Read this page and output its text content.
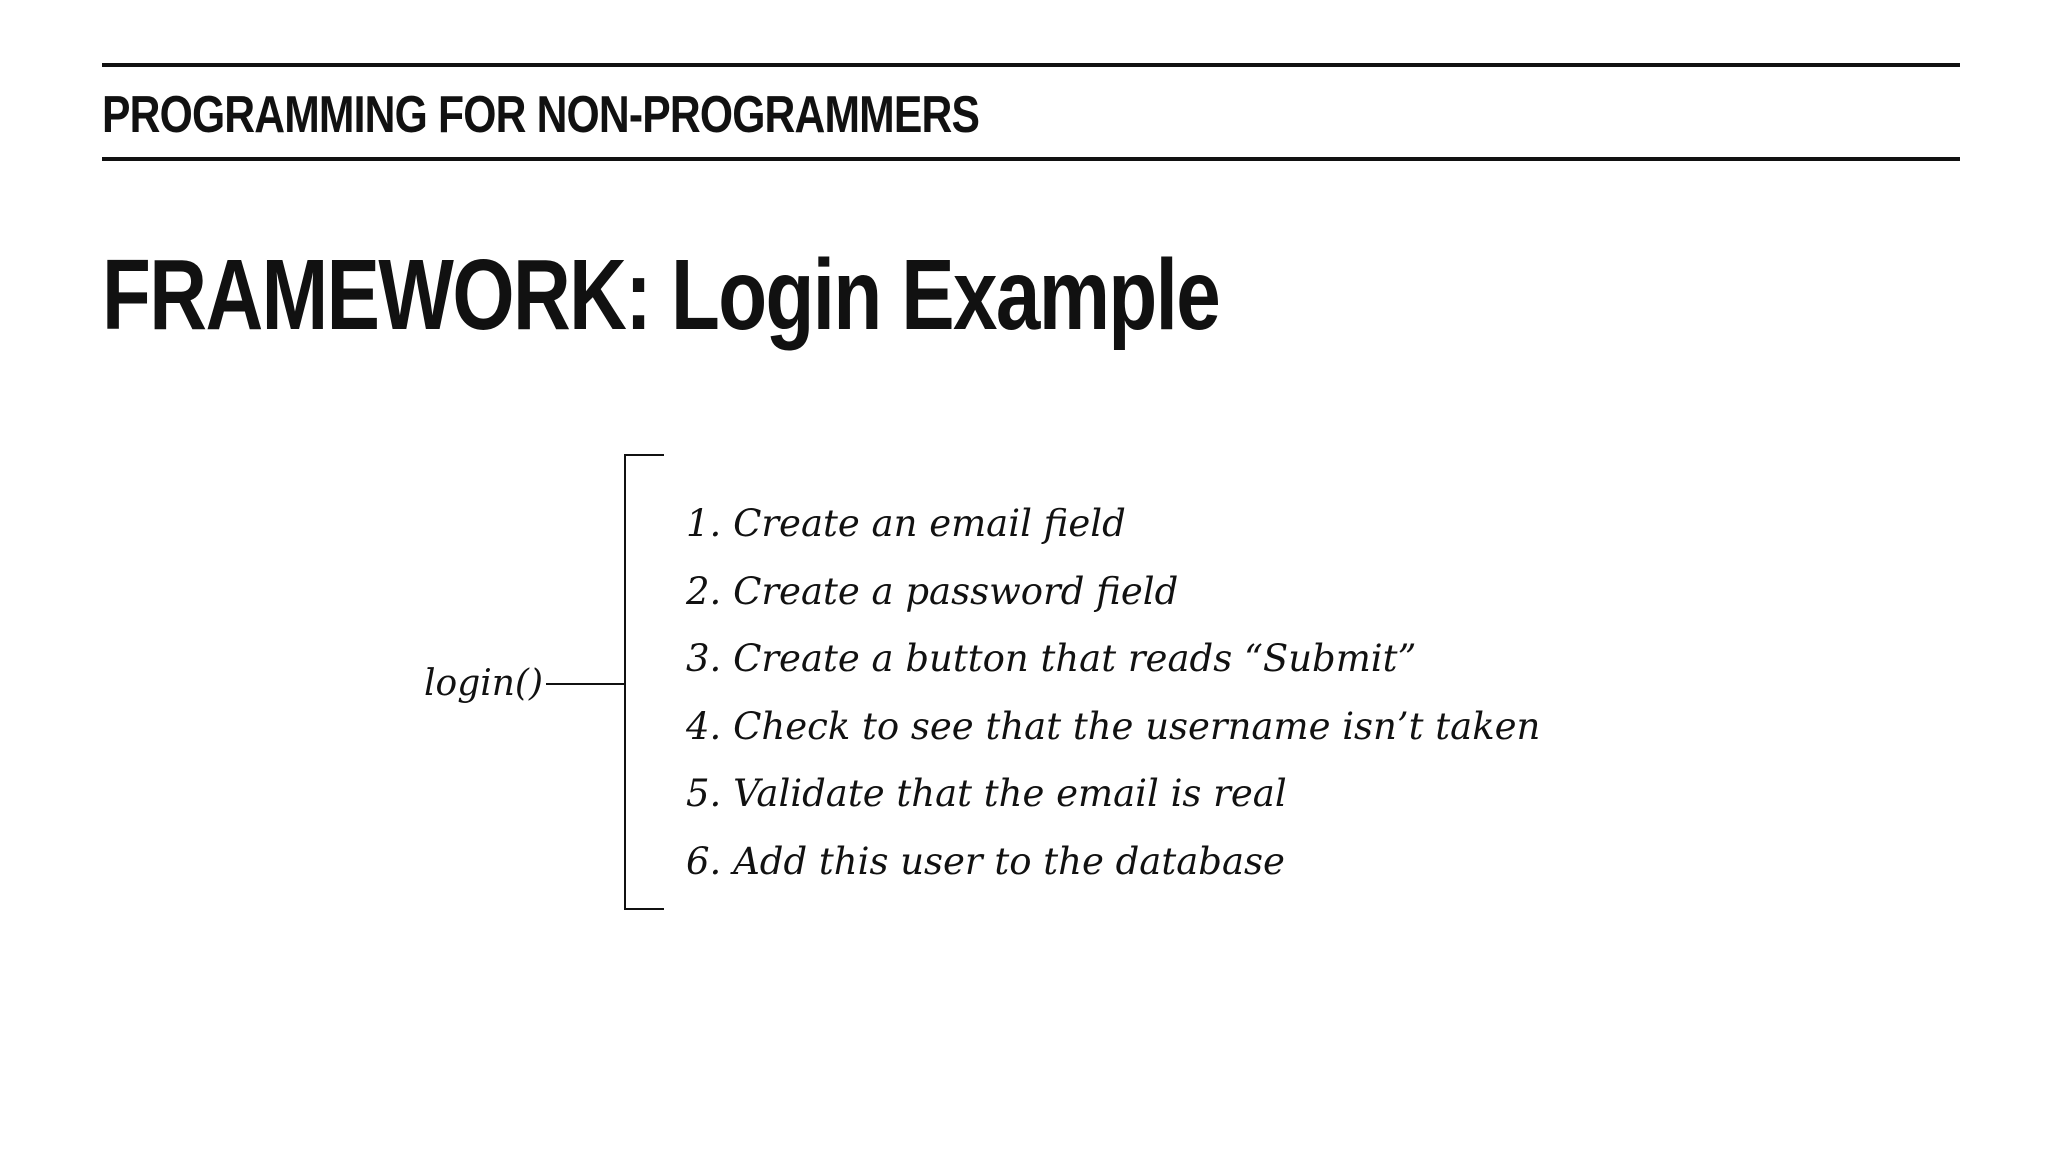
PROGRAMMING FOR NON-PROGRAMMERS
FRAMEWORK: Login Example
login()
1. Create an email field
2. Create a password field
3. Create a button that reads “Submit”
4. Check to see that the username isn’t taken
5. Validate that the email is real
6. Add this user to the database
